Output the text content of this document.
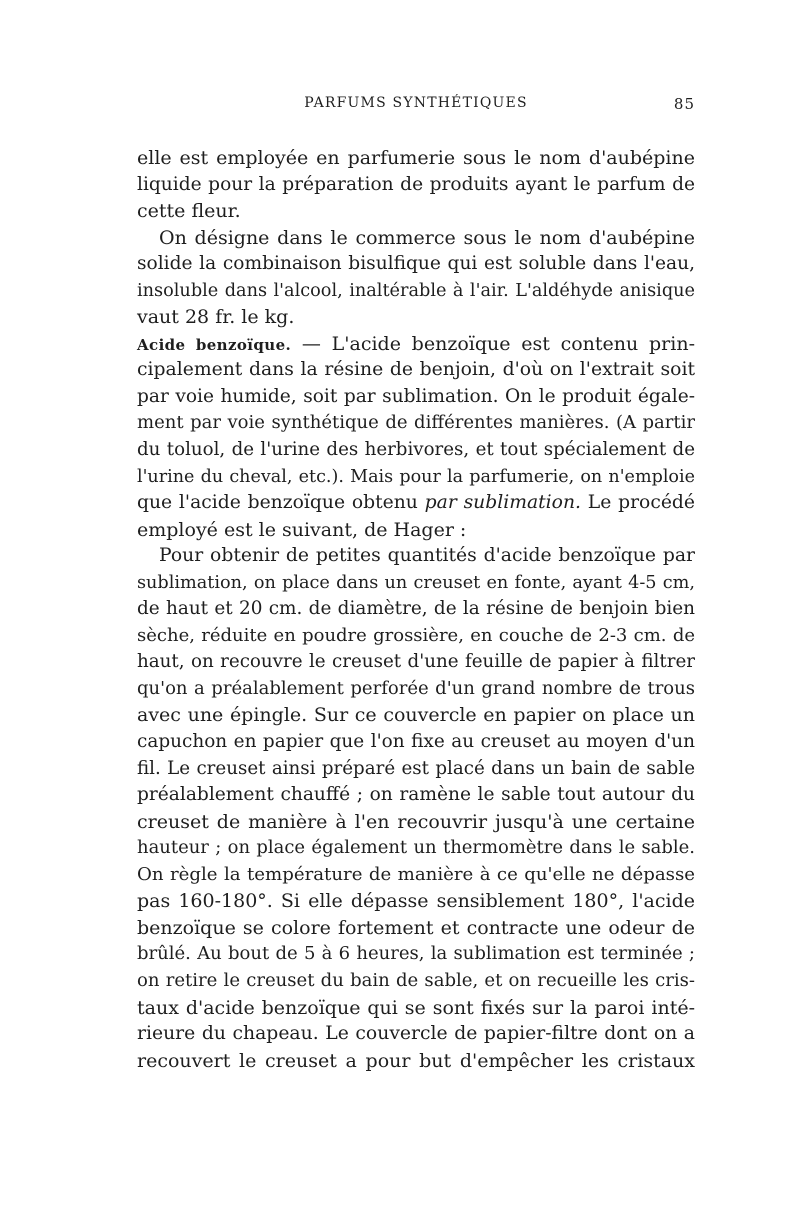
PARFUMS SYNTHÉTIQUES	85
elle est employée en parfumerie sous le nom d'aubépine
liquide pour la préparation de produits ayant le parfum de
cette fleur.
On désigne dans le commerce sous le nom d'aubépine
solide la combinaison bisulfique qui est soluble dans l'eau,
insoluble dans l'alcool, inaltérable à l'air. L'aldéhyde anisique
vaut 28 fr. le kg.
Acide benzoïque. — L'acide benzoïque est contenu prin-
cipalement dans la résine de benjoin, d'où on l'extrait soit
par voie humide, soit par sublimation. On le produit égale-
ment par voie synthétique de différentes manières. (A partir
du toluol, de l'urine des herbivores, et tout spécialement de
l'urine du cheval, etc.). Mais pour la parfumerie, on n'emploie
que l'acide benzoïque obtenu par sublimation. Le procédé
employé est le suivant, de Hager :
Pour obtenir de petites quantités d'acide benzoïque par
sublimation, on place dans un creuset en fonte, ayant 4-5 cm,
de haut et 20 cm. de diamètre, de la résine de benjoin bien
sèche, réduite en poudre grossière, en couche de 2-3 cm. de
haut, on recouvre le creuset d'une feuille de papier à filtrer
qu'on a préalablement perforée d'un grand nombre de trous
avec une épingle. Sur ce couvercle en papier on place un
capuchon en papier que l'on fixe au creuset au moyen d'un
fil. Le creuset ainsi préparé est placé dans un bain de sable
préalablement chauffé ; on ramène le sable tout autour du
creuset de manière à l'en recouvrir jusqu'à une certaine
hauteur ; on place également un thermomètre dans le sable.
On règle la température de manière à ce qu'elle ne dépasse
pas 160-180°. Si elle dépasse sensiblement 180°, l'acide
benzoïque se colore fortement et contracte une odeur de
brûlé. Au bout de 5 à 6 heures, la sublimation est terminée ;
on retire le creuset du bain de sable, et on recueille les cris-
taux d'acide benzoïque qui se sont fixés sur la paroi inté-
rieure du chapeau. Le couvercle de papier-filtre dont on a
recouvert le creuset a pour but d'empêcher les cristaux
